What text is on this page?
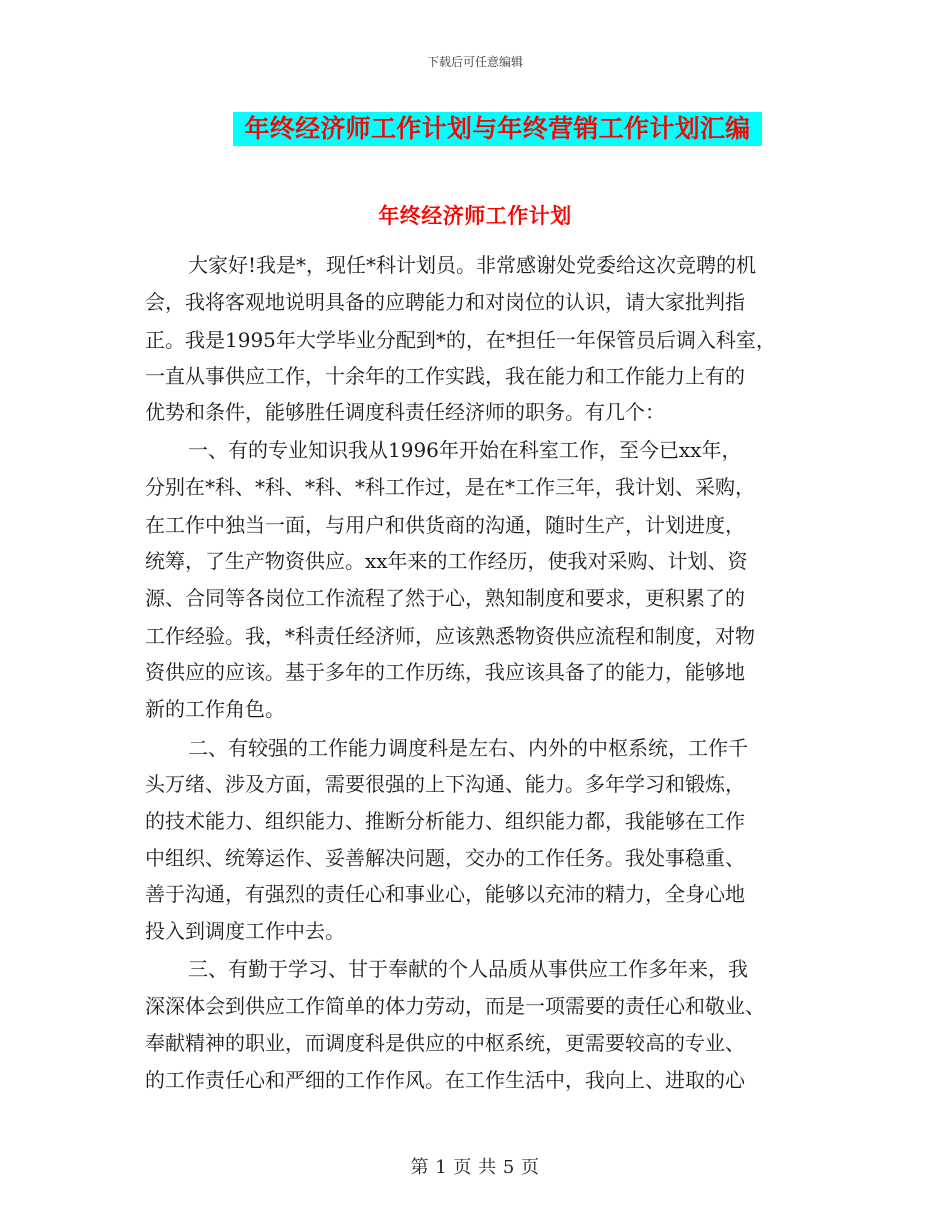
下载后可任意编辑
年终经济师工作计划与年终营销工作计划汇编
年终经济师工作计划
大家好!我是*，现任*科计划员。非常感谢处党委给这次竞聘的机
会，我将客观地说明具备的应聘能力和对岗位的认识，请大家批判指
正。我是1995年大学毕业分配到*的，在*担任一年保管员后调入科室，
一直从事供应工作，十余年的工作实践，我在能力和工作能力上有的
优势和条件，能够胜任调度科责任经济师的职务。有几个：
一、有的专业知识我从1996年开始在科室工作，至今已xx年，
分别在*科、*科、*科、*科工作过，是在*工作三年，我计划、采购，
在工作中独当一面，与用户和供货商的沟通，随时生产，计划进度，
统筹，了生产物资供应。xx年来的工作经历，使我对采购、计划、资
源、合同等各岗位工作流程了然于心，熟知制度和要求，更积累了的
工作经验。我，*科责任经济师，应该熟悉物资供应流程和制度，对物
资供应的应该。基于多年的工作历练，我应该具备了的能力，能够地
新的工作角色。
二、有较强的工作能力调度科是左右、内外的中枢系统，工作千
头万绪、涉及方面，需要很强的上下沟通、能力。多年学习和锻炼，
的技术能力、组织能力、推断分析能力、组织能力都，我能够在工作
中组织、统筹运作、妥善解决问题，交办的工作任务。我处事稳重、
善于沟通，有强烈的责任心和事业心，能够以充沛的精力，全身心地
投入到调度工作中去。
三、有勤于学习、甘于奉献的个人品质从事供应工作多年来，我
深深体会到供应工作简单的体力劳动，而是一项需要的责任心和敬业、
奉献精神的职业，而调度科是供应的中枢系统，更需要较高的专业、
的工作责任心和严细的工作作风。在工作生活中，我向上、进取的心
第 1 页 共 5 页
